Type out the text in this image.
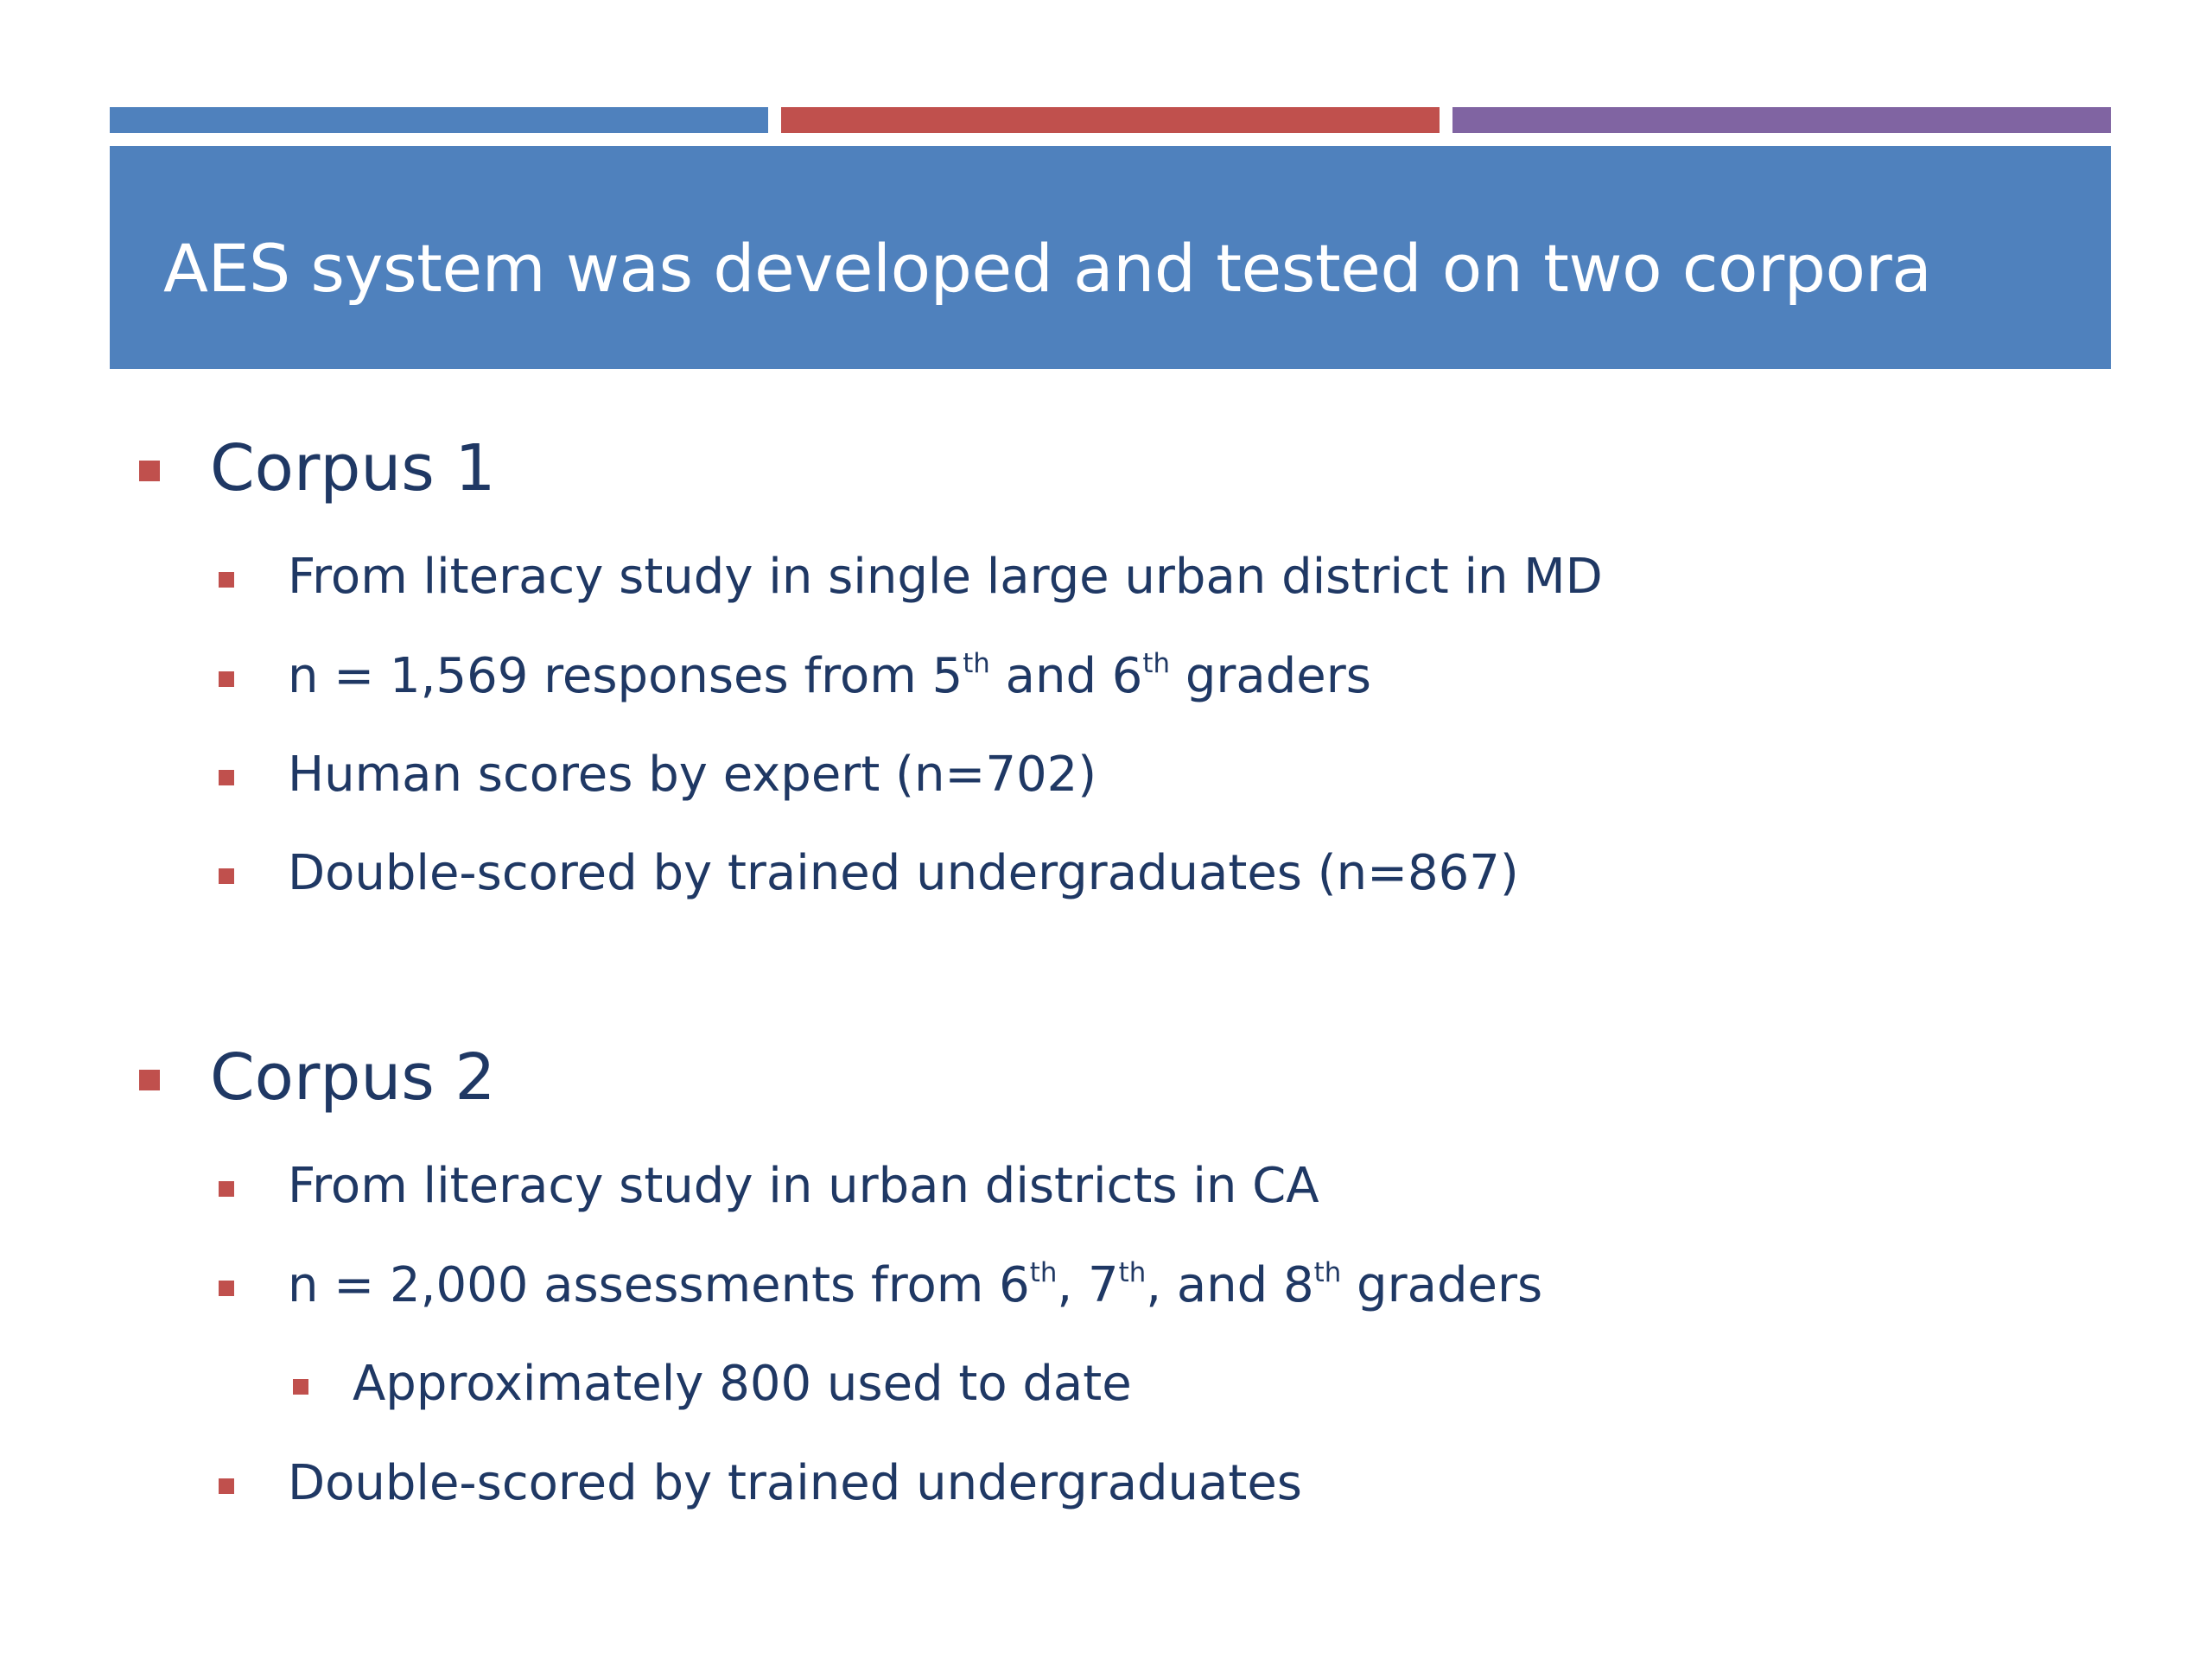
AES system was developed and tested on two corpora
Corpus 1
From literacy study in single large urban district in MD
n = 1,569 responses from 5th and 6th graders
Human scores by expert (n=702)
Double-scored by trained undergraduates (n=867)
Corpus 2
From literacy study in urban districts in CA
n = 2,000 assessments from 6th, 7th, and 8th graders
Approximately 800 used to date
Double-scored by trained undergraduates
